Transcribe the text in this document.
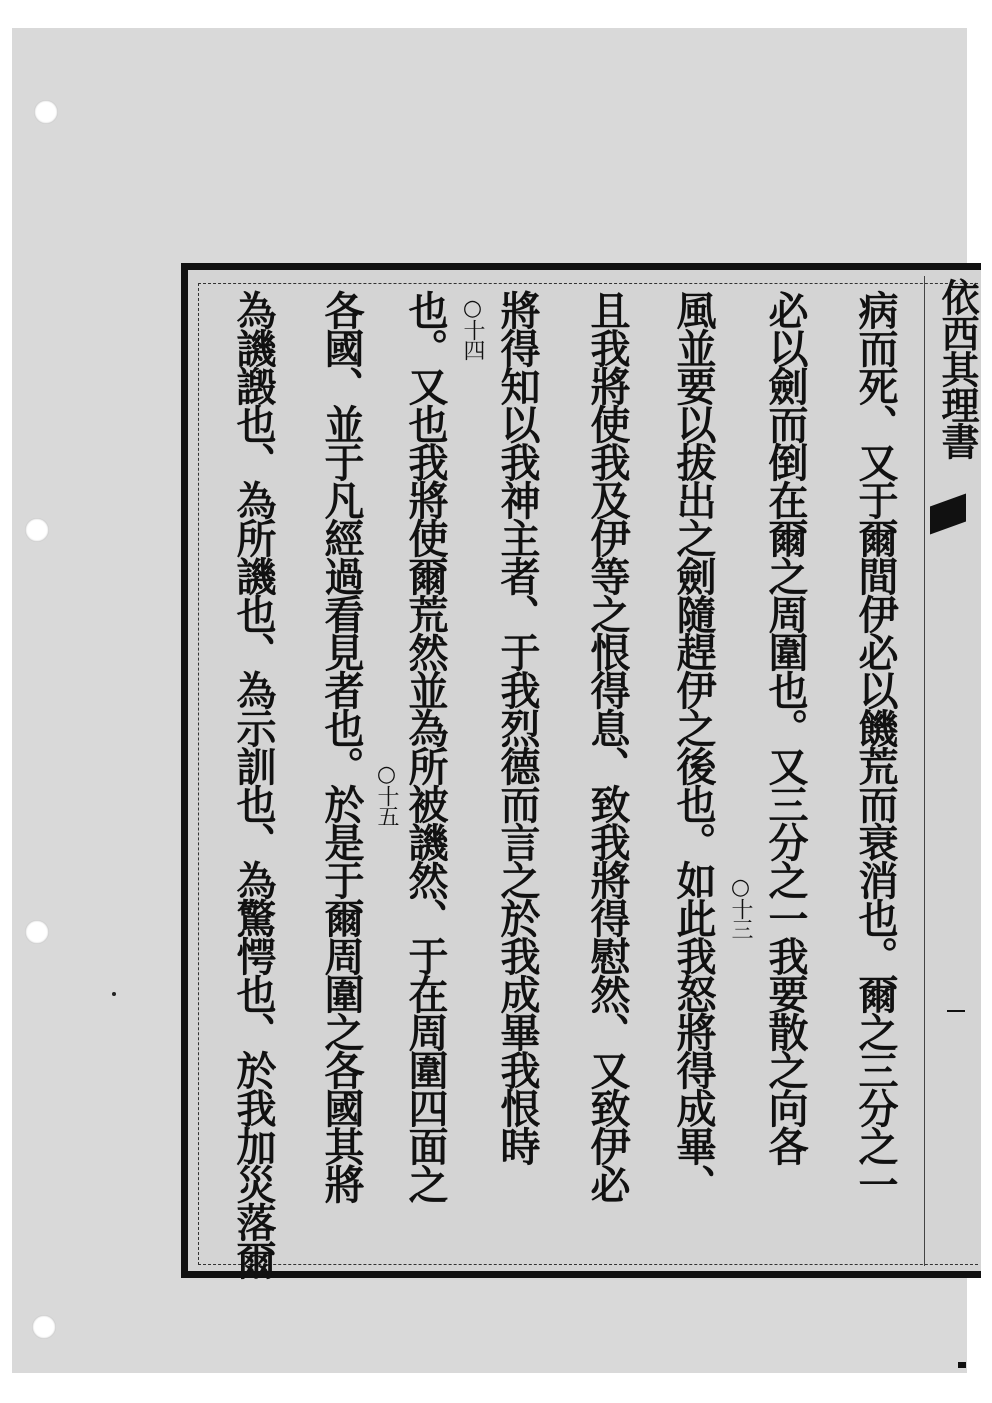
依西其理書
病而死、又于爾間伊必以饑荒而衰消也。爾之三分之一
必以劍而倒在爾之周圍也。又三分之一我要散之向各
風並要以拔出之劍隨趕伊之後也。如此我怒將得成畢、
且我將使我及伊等之恨得息、致我將得慰然、又致伊必
將得知以我神主者、于我烈德而言之於我成畢我恨時
也。又也我將使爾荒然並為所被譏然、于在周圍四面之
各國、並于凡經過看見者也。於是于爾周圍之各國其將
為譏譭也、為所譏也、為示訓也、為驚愕也、於我加災落爾	○十三
○十四
○十五
